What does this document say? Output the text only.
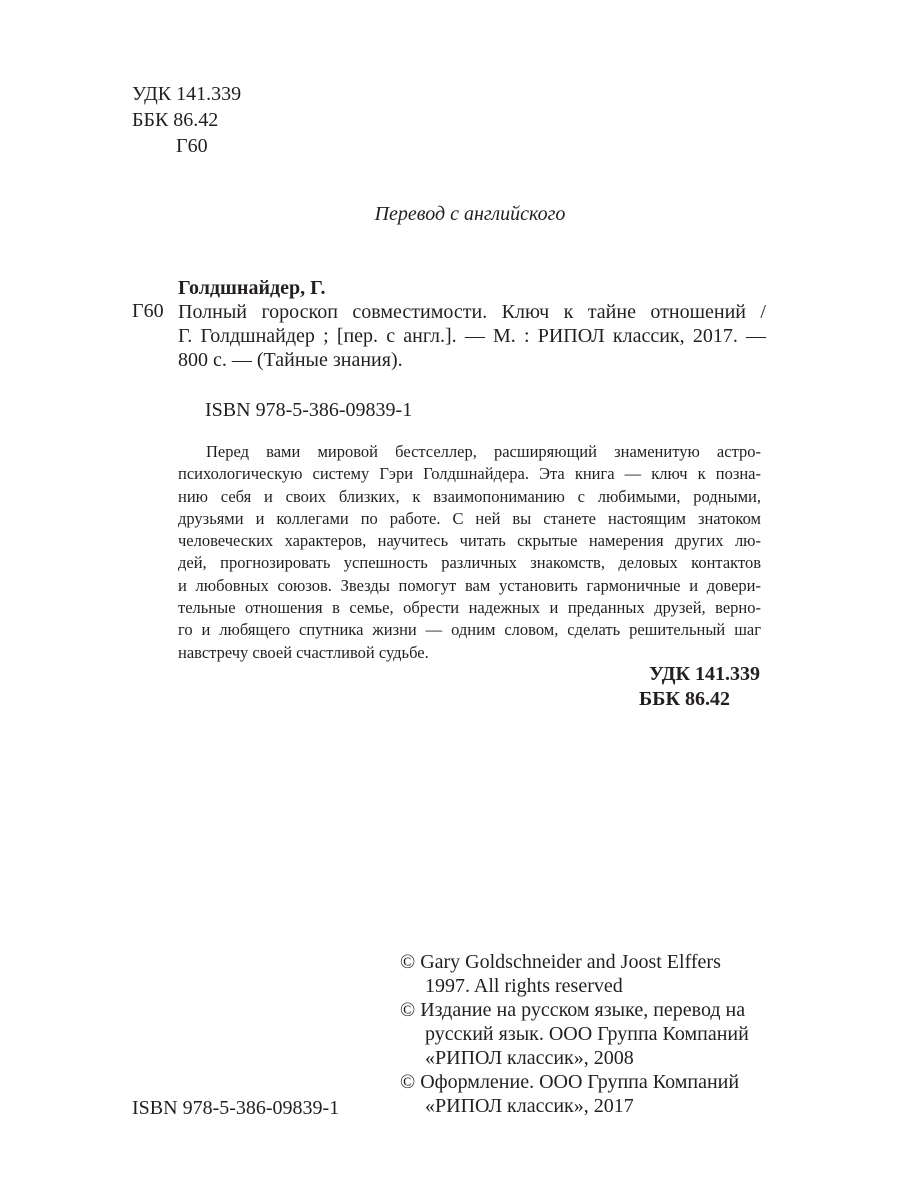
УДК 141.339
ББК 86.42
Г60
Перевод с английского
Голдшнайдер, Г.
Г60 Полный гороскоп совместимости. Ключ к тайне отношений /
Г. Голдшнайдер ; [пер. с англ.]. — М. : РИПОЛ классик, 2017. —
800 с. — (Тайные знания).
ISBN 978-5-386-09839-1
Перед вами мировой бестселлер, расширяющий знаменитую астро-
психологическую систему Гэри Голдшнайдера. Эта книга — ключ к позна-
нию себя и своих близких, к взаимопониманию с любимыми, родными,
друзьями и коллегами по работе. С ней вы станете настоящим знатоком
человеческих характеров, научитесь читать скрытые намерения других лю-
дей, прогнозировать успешность различных знакомств, деловых контактов
и любовных союзов. Звезды помогут вам установить гармоничные и довери-
тельные отношения в семье, обрести надежных и преданных друзей, верно-
го и любящего спутника жизни — одним словом, сделать решительный шаг
навстречу своей счастливой судьбе.
УДК 141.339
ББК 86.42
© Gary Goldschneider and Joost Elffers
1997. All rights reserved
© Издание на русском языке, перевод на
русский язык. ООО Группа Компаний
«РИПОЛ классик», 2008
© Оформление. ООО Группа Компаний
«РИПОЛ классик», 2017
ISBN 978-5-386-09839-1
